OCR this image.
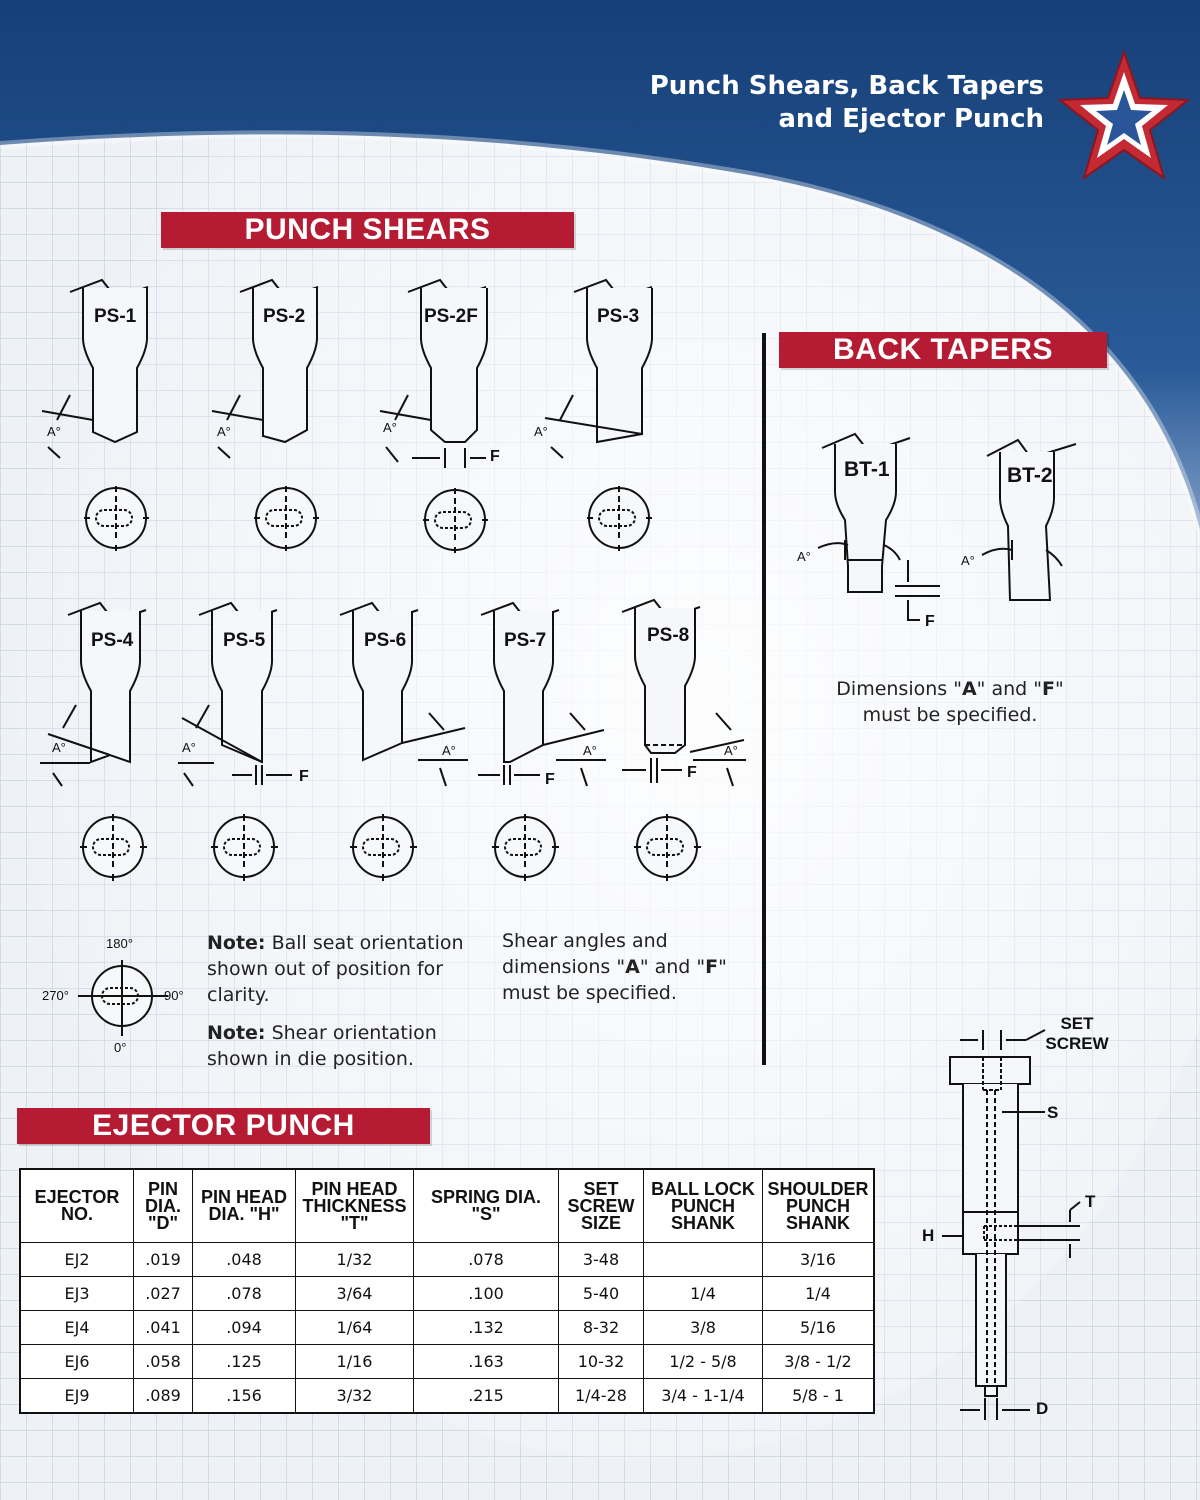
Punch Shears, Back Tapers
and Ejector Punch
PUNCH SHEARS
BACK TAPERS
EJECTOR PUNCH
PS-1	PS-2	PS-2F	PS-3
PS-4	PS-5	PS-6	PS-7	PS-8
A°	A°	A°
F
A°
A°	A°
F
A°	A°
F
A°
F
180°
270°	90°
0°
Note: Ball seat orientation shown out of position for clarity.
Note: Shear orientation shown in die position.
Shear angles and dimensions "A" and "F" must be specified.
BT-1	BT-2
A°	A°
F
Dimensions "A" and "F" must be specified.
EJECTOR NO.	PIN DIA. "D"	PIN HEAD DIA. "H"	PIN HEAD THICKNESS "T"	SPRING DIA. "S"	SET SCREW SIZE	BALL LOCK PUNCH SHANK	SHOULDER PUNCH SHANK
EJ2	.019	.048	1/32	.078	3-48		3/16
EJ3	.027	.078	3/64	.100	5-40	1/4	1/4
EJ4	.041	.094	1/64	.132	8-32	3/8	5/16
EJ6	.058	.125	1/16	.163	10-32	1/2 - 5/8	3/8 - 1/2
EJ9	.089	.156	3/32	.215	1/4-28	3/4 - 1-1/4	5/8 - 1
SET SCREW
S
T
H
D
